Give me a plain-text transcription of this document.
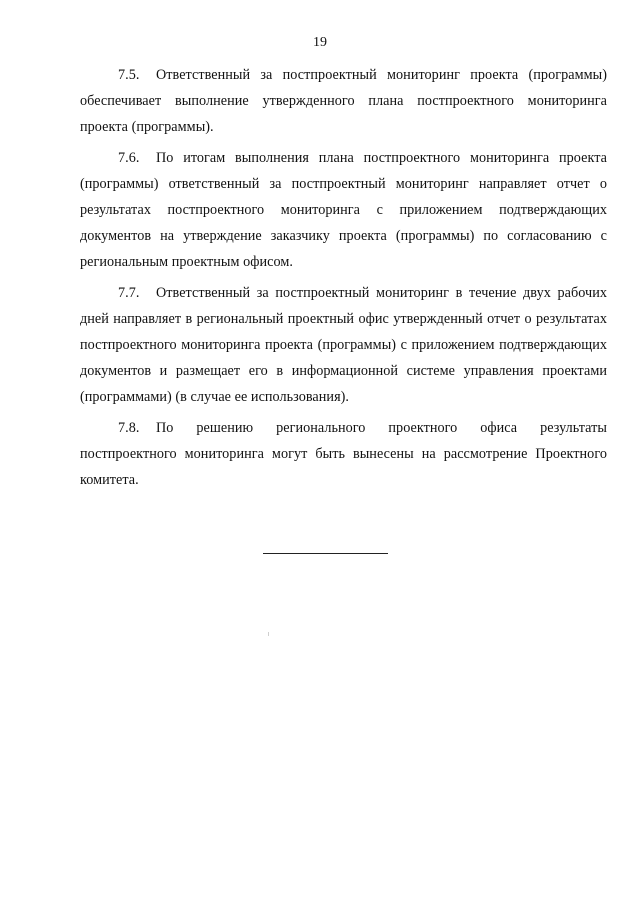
19

7.5. Ответственный за постпроектный мониторинг проекта (программы) обеспечивает выполнение утвержденного плана постпроектного мониторинга проекта (программы).

7.6. По итогам выполнения плана постпроектного мониторинга проекта (программы) ответственный за постпроектный мониторинг направляет отчет о результатах постпроектного мониторинга с приложением подтверждающих документов на утверждение заказчику проекта (программы) по согласованию с региональным проектным офисом.

7.7. Ответственный за постпроектный мониторинг в течение двух рабочих дней направляет в региональный проектный офис утвержденный отчет о результатах постпроектного мониторинга проекта (программы) с приложением подтверждающих документов и размещает его в информационной системе управления проектами (программами) (в случае ее использования).

7.8. По решению регионального проектного офиса результаты постпроектного мониторинга могут быть вынесены на рассмотрение Проектного комитета.
